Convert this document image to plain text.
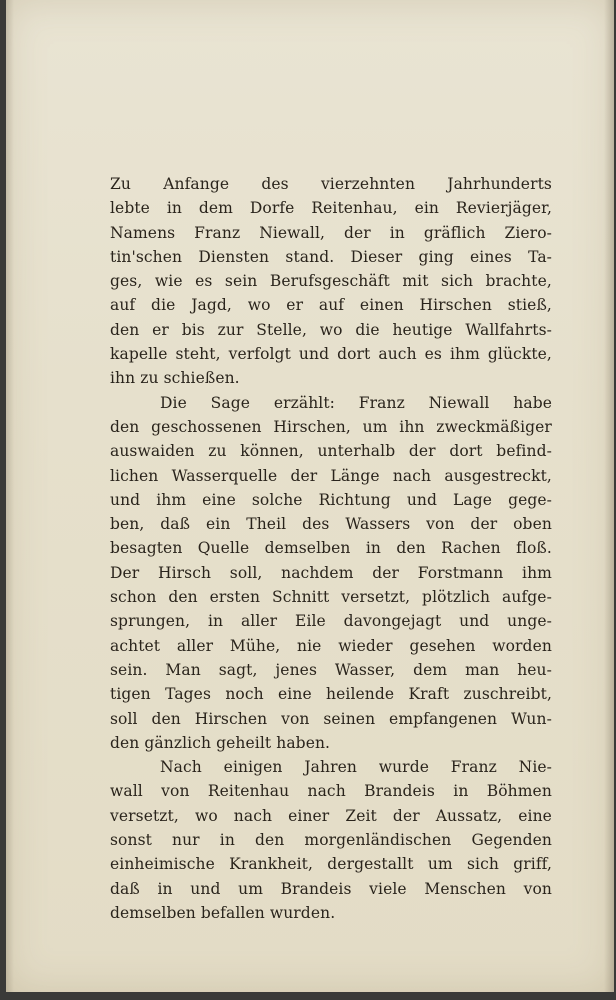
Zu Anfange des vierzehnten Jahrhunderts
lebte in dem Dorfe Reitenhau, ein Revierjäger,
Namens Franz Niewall, der in gräflich Ziero-
tin'schen Diensten stand. Dieser ging eines Ta-
ges, wie es sein Berufsgeschäft mit sich brachte,
auf die Jagd, wo er auf einen Hirschen stieß,
den er bis zur Stelle, wo die heutige Wallfahrts-
kapelle steht, verfolgt und dort auch es ihm glückte,
ihn zu schießen.
Die Sage erzählt: Franz Niewall habe
den geschossenen Hirschen, um ihn zweckmäßiger
auswaiden zu können, unterhalb der dort befind-
lichen Wasserquelle der Länge nach ausgestreckt,
und ihm eine solche Richtung und Lage gege-
ben, daß ein Theil des Wassers von der oben
besagten Quelle demselben in den Rachen floß.
Der Hirsch soll, nachdem der Forstmann ihm
schon den ersten Schnitt versetzt, plötzlich aufge-
sprungen, in aller Eile davongejagt und unge-
achtet aller Mühe, nie wieder gesehen worden
sein. Man sagt, jenes Wasser, dem man heu-
tigen Tages noch eine heilende Kraft zuschreibt,
soll den Hirschen von seinen empfangenen Wun-
den gänzlich geheilt haben.
Nach einigen Jahren wurde Franz Nie-
wall von Reitenhau nach Brandeis in Böhmen
versetzt, wo nach einer Zeit der Aussatz, eine
sonst nur in den morgenländischen Gegenden
einheimische Krankheit, dergestallt um sich griff,
daß in und um Brandeis viele Menschen von
demselben befallen wurden.
